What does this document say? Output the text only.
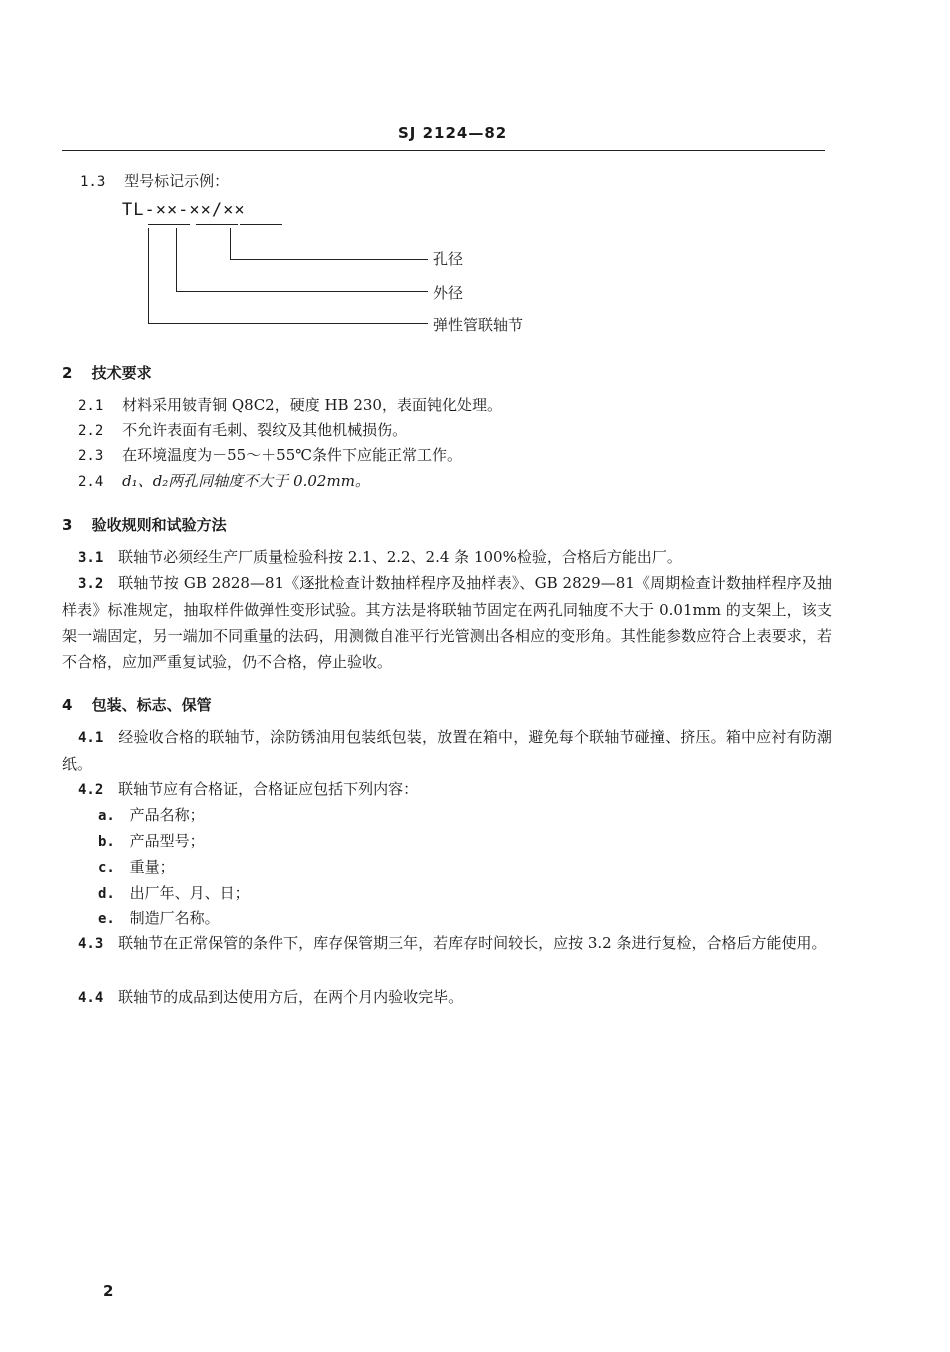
SJ 2124—82
1.3 型号标记示例：
TL-××-××/××
孔径
外径
弹性管联轴节
2 技术要求
2.1 材料采用铍青铜 Q8C2，硬度 HB 230，表面钝化处理。
2.2 不允许表面有毛刺、裂纹及其他机械损伤。
2.3 在环境温度为－55～＋55℃条件下应能正常工作。
2.4 d₁、d₂两孔同轴度不大于 0.02mm。
3 验收规则和试验方法
3.1 联轴节必须经生产厂质量检验科按 2.1、2.2、2.4 条 100%检验，合格后方能出厂。
3.2 联轴节按 GB 2828—81《逐批检查计数抽样程序及抽样表》、GB 2829—81《周期检查计数抽样程序及抽样表》标准规定，抽取样件做弹性变形试验。其方法是将联轴节固定在两孔同轴度不大于 0.01mm 的支架上，该支架一端固定，另一端加不同重量的法码，用测微自准平行光管测出各相应的变形角。其性能参数应符合上表要求，若不合格，应加严重复试验，仍不合格，停止验收。
4 包装、标志、保管
4.1 经验收合格的联轴节，涂防锈油用包装纸包装，放置在箱中，避免每个联轴节碰撞、挤压。箱中应衬有防潮纸。
4.2 联轴节应有合格证，合格证应包括下列内容：
a. 产品名称；
b. 产品型号；
c. 重量；
d. 出厂年、月、日；
e. 制造厂名称。
4.3 联轴节在正常保管的条件下，库存保管期三年，若库存时间较长，应按 3.2 条进行复检，合格后方能使用。
4.4 联轴节的成品到达使用方后，在两个月内验收完毕。
2
